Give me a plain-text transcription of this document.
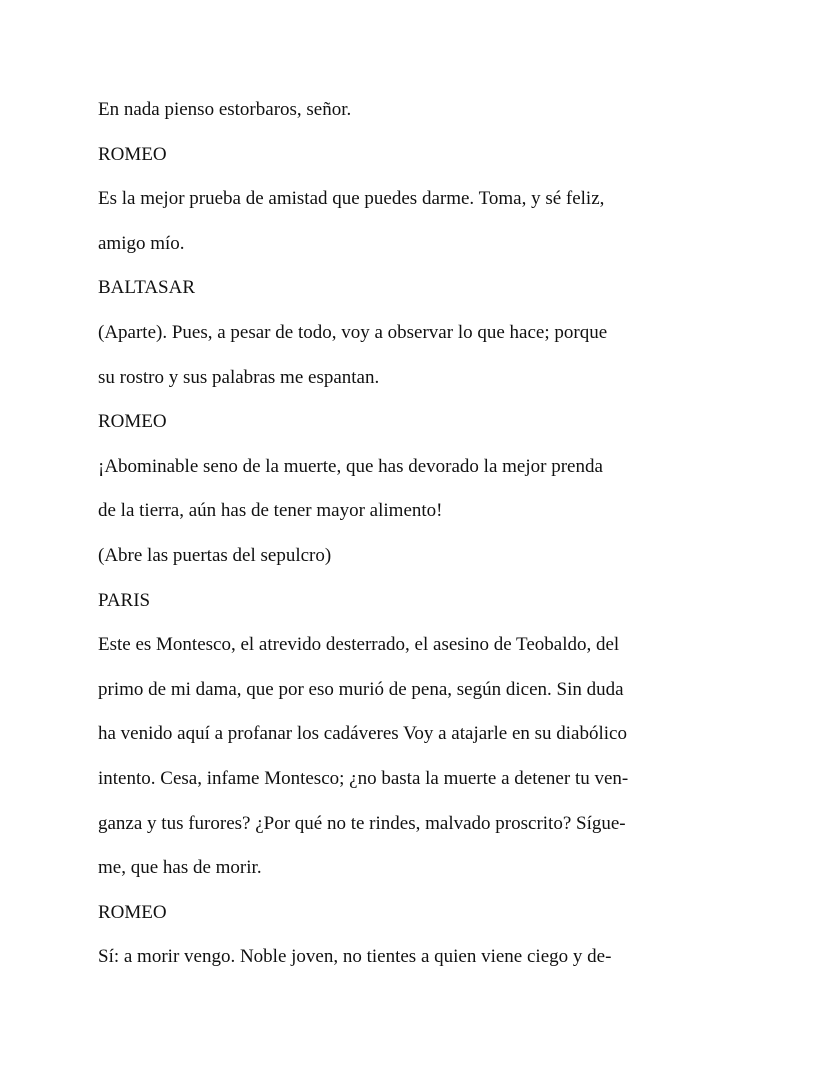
En nada pienso estorbaros, señor.
ROMEO
Es la mejor prueba de amistad que puedes darme. Toma, y sé feliz,
amigo mío.
BALTASAR
(Aparte). Pues, a pesar de todo, voy a observar lo que hace; porque
su rostro y sus palabras me espantan.
ROMEO
¡Abominable seno de la muerte, que has devorado la mejor prenda
de la tierra, aún has de tener mayor alimento!
(Abre las puertas del sepulcro)
PARIS
Este es Montesco, el atrevido desterrado, el asesino de Teobaldo, del
primo de mi dama, que por eso murió de pena, según dicen. Sin duda
ha venido aquí a profanar los cadáveres Voy a atajarle en su diabólico
intento. Cesa, infame Montesco; ¿no basta la muerte a detener tu ven-
ganza y tus furores? ¿Por qué no te rindes, malvado proscrito? Sígue-
me, que has de morir.
ROMEO
Sí: a morir vengo. Noble joven, no tientes a quien viene ciego y de-
